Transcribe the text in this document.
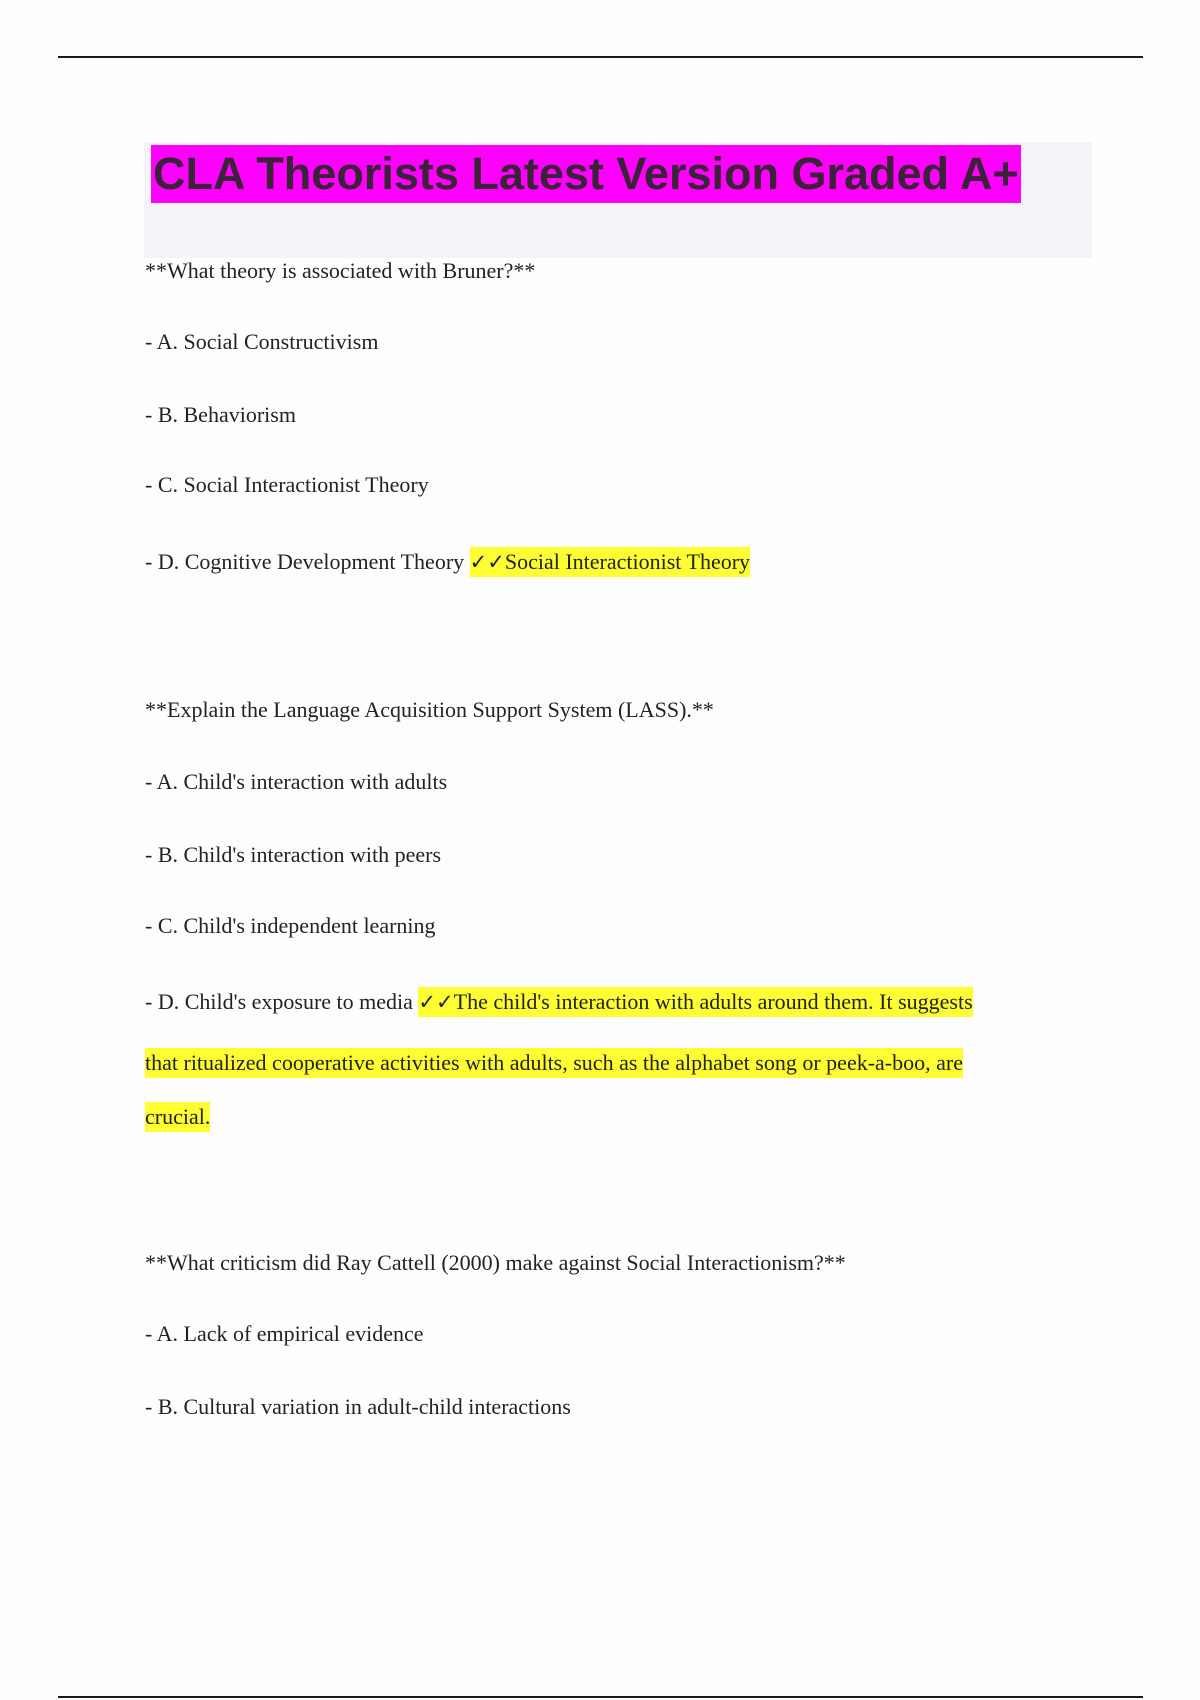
CLA Theorists Latest Version Graded A+
**What theory is associated with Bruner?**
- A. Social Constructivism
- B. Behaviorism
- C. Social Interactionist Theory
- D. Cognitive Development Theory ✓✓Social Interactionist Theory
**Explain the Language Acquisition Support System (LASS).**
- A. Child's interaction with adults
- B. Child's interaction with peers
- C. Child's independent learning
- D. Child's exposure to media ✓✓The child's interaction with adults around them. It suggests
that ritualized cooperative activities with adults, such as the alphabet song or peek-a-boo, are
crucial.
**What criticism did Ray Cattell (2000) make against Social Interactionism?**
- A. Lack of empirical evidence
- B. Cultural variation in adult-child interactions
